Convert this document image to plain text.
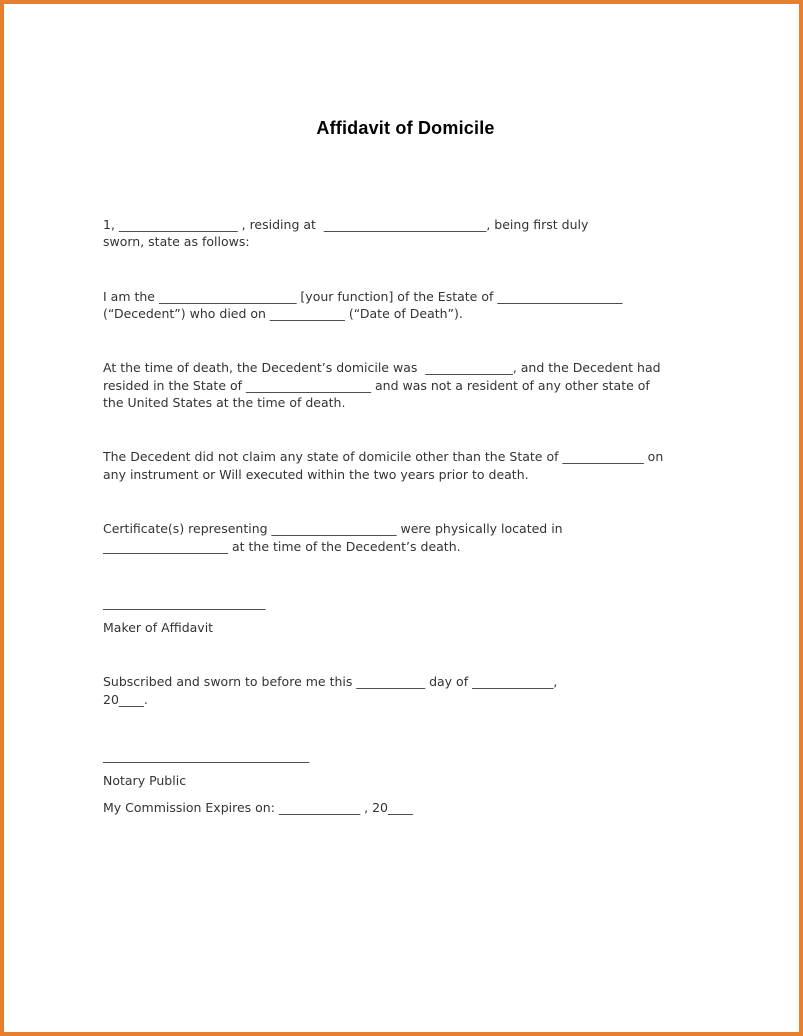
Affidavit of Domicile
1, ___________________ , residing at  __________________________, being first duly
sworn, state as follows:
I am the ______________________ [your function] of the Estate of ____________________
(“Decedent”) who died on ____________ (“Date of Death”).
At the time of death, the Decedent’s domicile was  ______________, and the Decedent had
resided in the State of ____________________ and was not a resident of any other state of
the United States at the time of death.
The Decedent did not claim any state of domicile other than the State of _____________ on
any instrument or Will executed within the two years prior to death.
Certificate(s) representing ____________________ were physically located in
____________________ at the time of the Decedent’s death.
__________________________
Maker of Affidavit
Subscribed and sworn to before me this ___________ day of _____________,
20____.
_________________________________
Notary Public
My Commission Expires on: _____________ , 20____
